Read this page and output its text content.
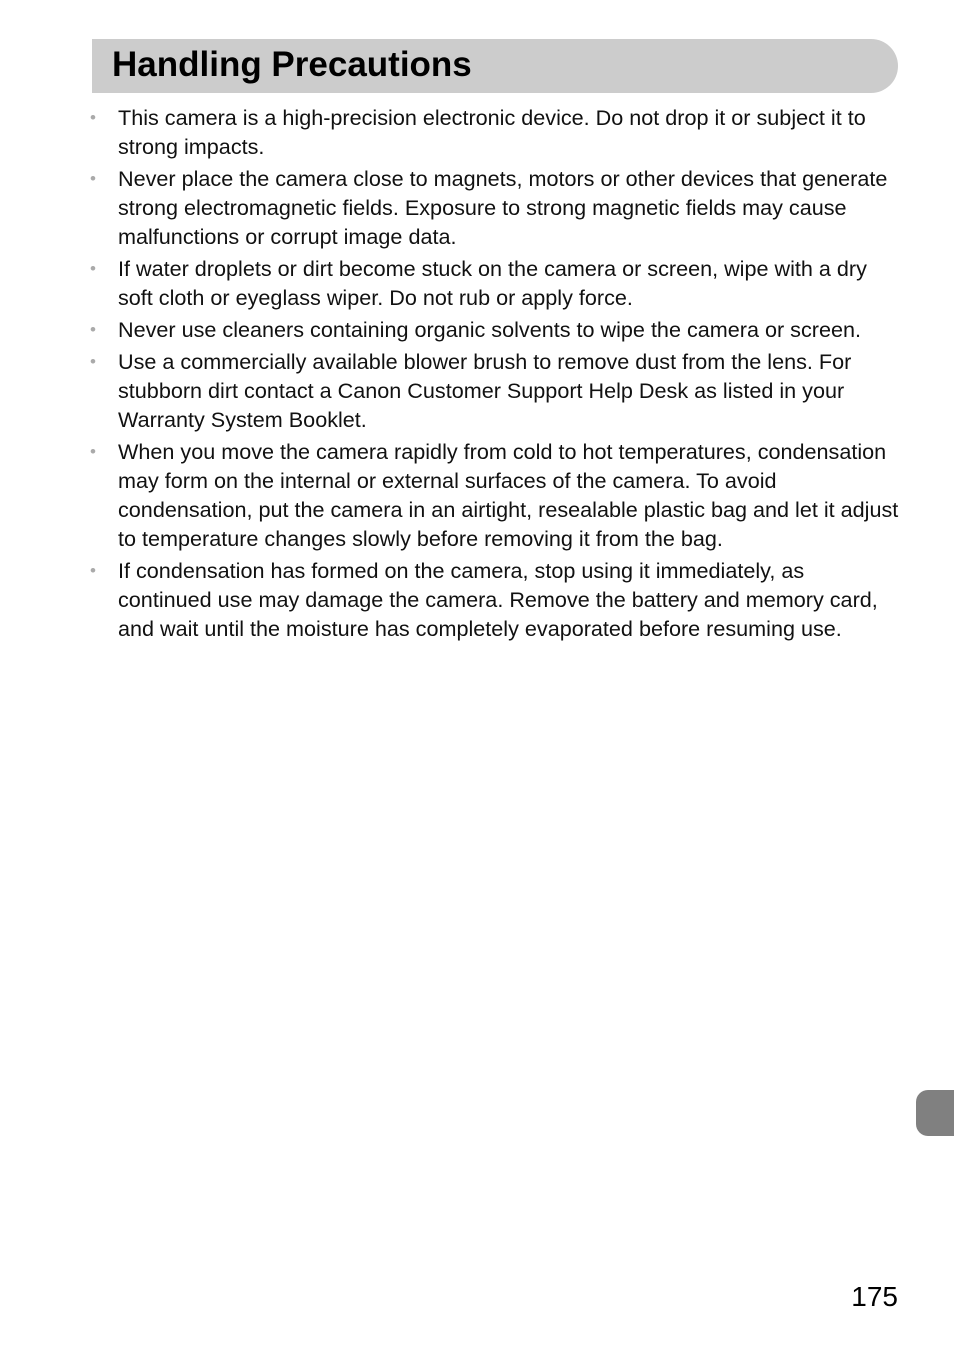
Handling Precautions
• This camera is a high-precision electronic device. Do not drop it or subject it to strong impacts.
• Never place the camera close to magnets, motors or other devices that generate strong electromagnetic fields. Exposure to strong magnetic fields may cause malfunctions or corrupt image data.
• If water droplets or dirt become stuck on the camera or screen, wipe with a dry soft cloth or eyeglass wiper. Do not rub or apply force.
• Never use cleaners containing organic solvents to wipe the camera or screen.
• Use a commercially available blower brush to remove dust from the lens. For stubborn dirt contact a Canon Customer Support Help Desk as listed in your Warranty System Booklet.
• When you move the camera rapidly from cold to hot temperatures, condensation may form on the internal or external surfaces of the camera. To avoid condensation, put the camera in an airtight, resealable plastic bag and let it adjust to temperature changes slowly before removing it from the bag.
• If condensation has formed on the camera, stop using it immediately, as continued use may damage the camera. Remove the battery and memory card, and wait until the moisture has completely evaporated before resuming use.
175
